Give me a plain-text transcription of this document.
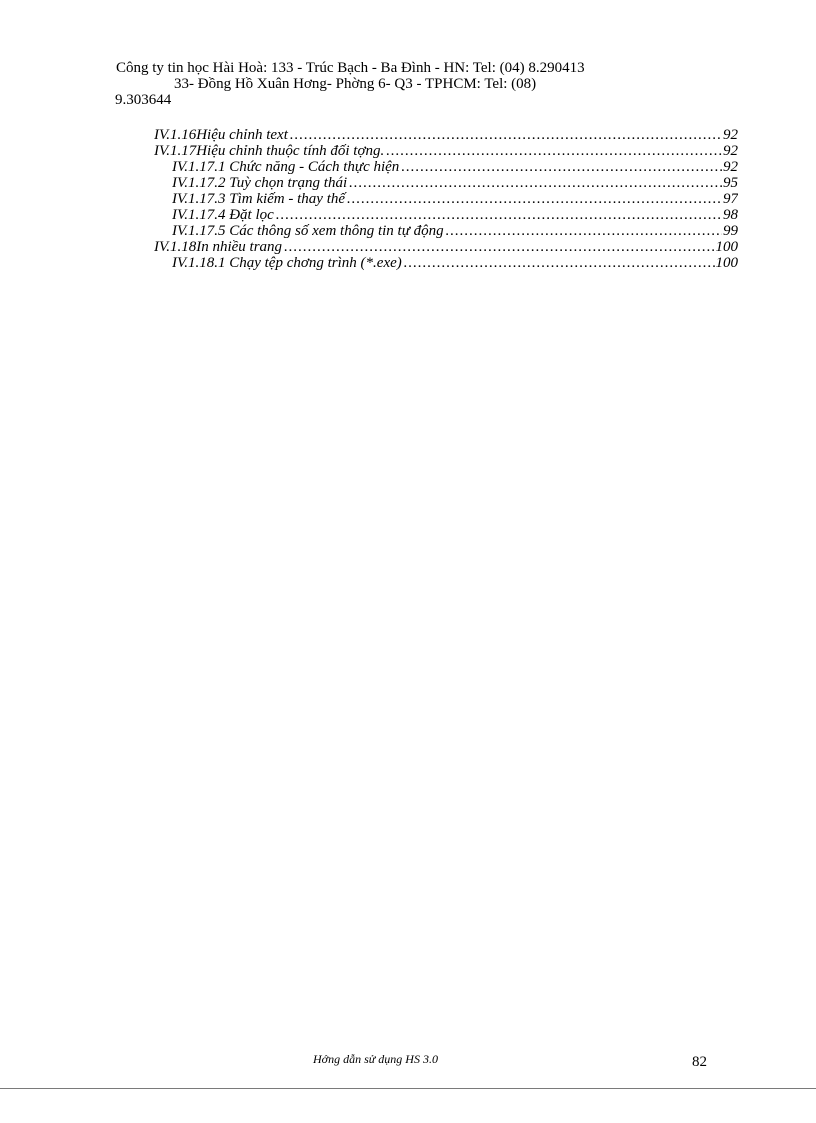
Công ty tin học Hài Hoà: 133 - Trúc Bạch - Ba Đình - HN: Tel: (04) 8.290413
33- Đồng Hồ Xuân Hơng- Phờng 6- Q3 - TPHCM: Tel: (08)
9.303644
IV.1.16Hiệu chỉnh text .....	92
IV.1.17Hiệu chỉnh thuộc tính đối tợng. .....	92
IV.1.17.1 Chức năng - Cách thực hiện .....	92
IV.1.17.2 Tuỳ chọn trạng thái .....	95
IV.1.17.3 Tìm kiếm - thay thế .....	97
IV.1.17.4 Đặt lọc .....	98
IV.1.17.5 Các thông số xem thông tin tự động .....	99
IV.1.18In nhiều trang .....	100
IV.1.18.1 Chạy tệp chơng trình (*.exe) .....	100
Hớng dẫn sử dụng HS 3.0	82
